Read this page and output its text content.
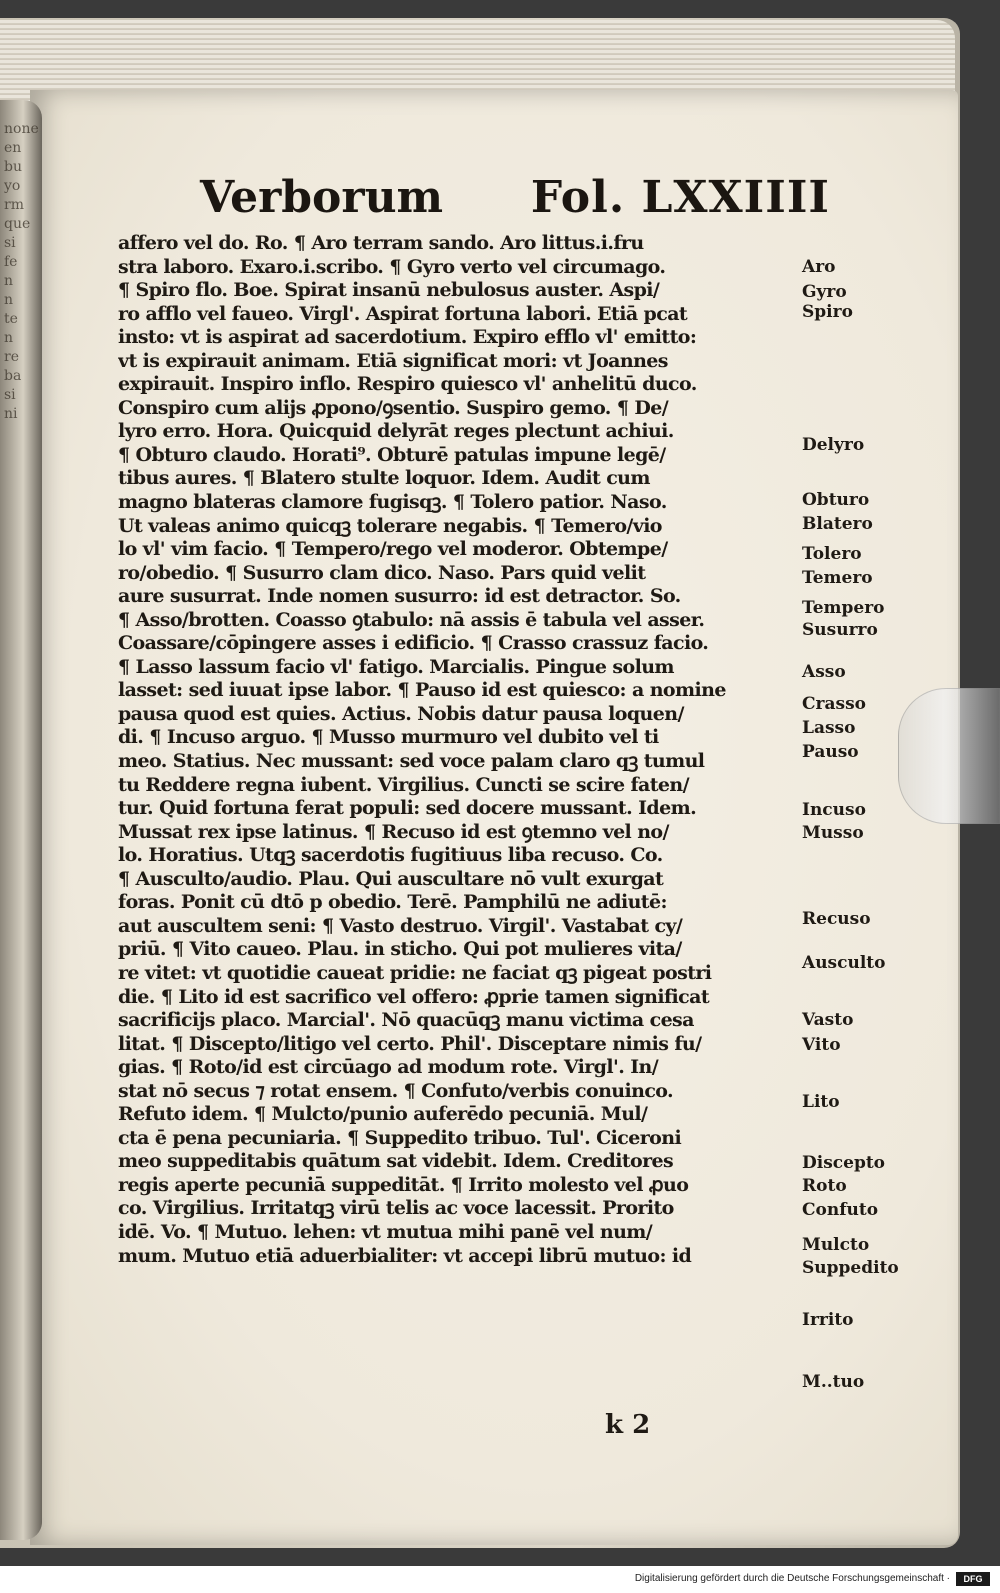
none
en
bu
yo
rm
que
si
fe
n
n
te
n
re
ba
si
ni
Verborum Fol. LXXIIII
affero vel do. Ro. ¶ Aro terram sando. Aro littus.i.fru
stra laboro. Exaro.i.scribo. ¶ Gyro verto vel circumago.
¶ Spiro flo. Boe. Spirat insanū nebulosus auster. Aspi/
ro afflo vel faueo. Virgl'. Aspirat fortuna labori. Etiā pcat
insto: vt is aspirat ad sacerdotium. Expiro efflo vl' emitto:
vt is expirauit animam. Etiā significat mori: vt Joannes
expirauit. Inspiro inflo. Respiro quiesco vl' anhelitū duco.
Conspiro cum alijs ꝓpono/ꝯsentio. Suspiro gemo. ¶ De/
lyro erro. Hora. Quicquid delyrāt reges plectunt achiui.
¶ Obturo claudo. Horati⁹. Obturē patulas impune legē/
tibus aures. ¶ Blatero stulte loquor. Idem. Audit cum
magno blateras clamore fugisqꝫ. ¶ Tolero patior. Naso.
Ut valeas animo quicqꝫ tolerare negabis. ¶ Temero/vio
lo vl' vim facio. ¶ Tempero/rego vel moderor. Obtempe/
ro/obedio. ¶ Susurro clam dico. Naso. Pars quid velit
aure susurrat. Inde nomen susurro: id est detractor. So.
¶ Asso/brotten. Coasso ꝯtabulo: nā assis ē tabula vel asser.
Coassare/cōpingere asses i edificio. ¶ Crasso crassuz facio.
¶ Lasso lassum facio vl' fatigo. Marcialis. Pingue solum
lasset: sed iuuat ipse labor. ¶ Pauso id est quiesco: a nomine
pausa quod est quies. Actius. Nobis datur pausa loquen/
di. ¶ Incuso arguo. ¶ Musso murmuro vel dubito vel ti
meo. Statius. Nec mussant: sed voce palam claro qꝫ tumul
tu Reddere regna iubent. Virgilius. Cuncti se scire faten/
tur. Quid fortuna ferat populi: sed docere mussant. Idem.
Mussat rex ipse latinus. ¶ Recuso id est ꝯtemno vel no/
lo. Horatius. Utqꝫ sacerdotis fugitiuus liba recuso. Co.
¶ Ausculto/audio. Plau. Qui auscultare nō vult exurgat
foras. Ponit cū dtō p obedio. Terē. Pamphilū ne adiutē:
aut auscultem seni: ¶ Vasto destruo. Virgil'. Vastabat cy/
priū. ¶ Vito caueo. Plau. in sticho. Qui pot mulieres vita/
re vitet: vt quotidie caueat pridie: ne faciat qꝫ pigeat postri
die. ¶ Lito id est sacrifico vel offero: ꝓprie tamen significat
sacrificijs placo. Marcial'. Nō quacūqꝫ manu victima cesa
litat. ¶ Discepto/litigo vel certo. Phil'. Disceptare nimis fu/
gias. ¶ Roto/id est circūago ad modum rote. Virgl'. In/
stat nō secus ⁊ rotat ensem. ¶ Confuto/verbis conuinco.
Refuto idem. ¶ Mulcto/punio auferēdo pecuniā. Mul/
cta ē pena pecuniaria. ¶ Suppedito tribuo. Tul'. Ciceroni
meo suppeditabis quātum sat videbit. Idem. Creditores
regis aperte pecuniā suppeditāt. ¶ Irrito molesto vel ꝓuo
co. Virgilius. Irritatqꝫ virū telis ac voce lacessit. Prorito
idē. Vo. ¶ Mutuo. lehen: vt mutua mihi panē vel num/
mum. Mutuo etiā aduerbialiter: vt accepi librū mutuo: id
Aro
Gyro
Spiro
Delyro
Obturo
Blatero
Tolero
Temero
Tempero
Susurro
Asso
Crasso
Lasso
Pauso
Incuso
Musso
Recuso
Ausculto
Vasto
Vito
Lito
Discepto
Roto
Confuto
Mulcto
Suppedito
Irrito
M..tuo
k 2
Digitalisierung gefördert durch die Deutsche Forschungsgemeinschaft ·	DFG
